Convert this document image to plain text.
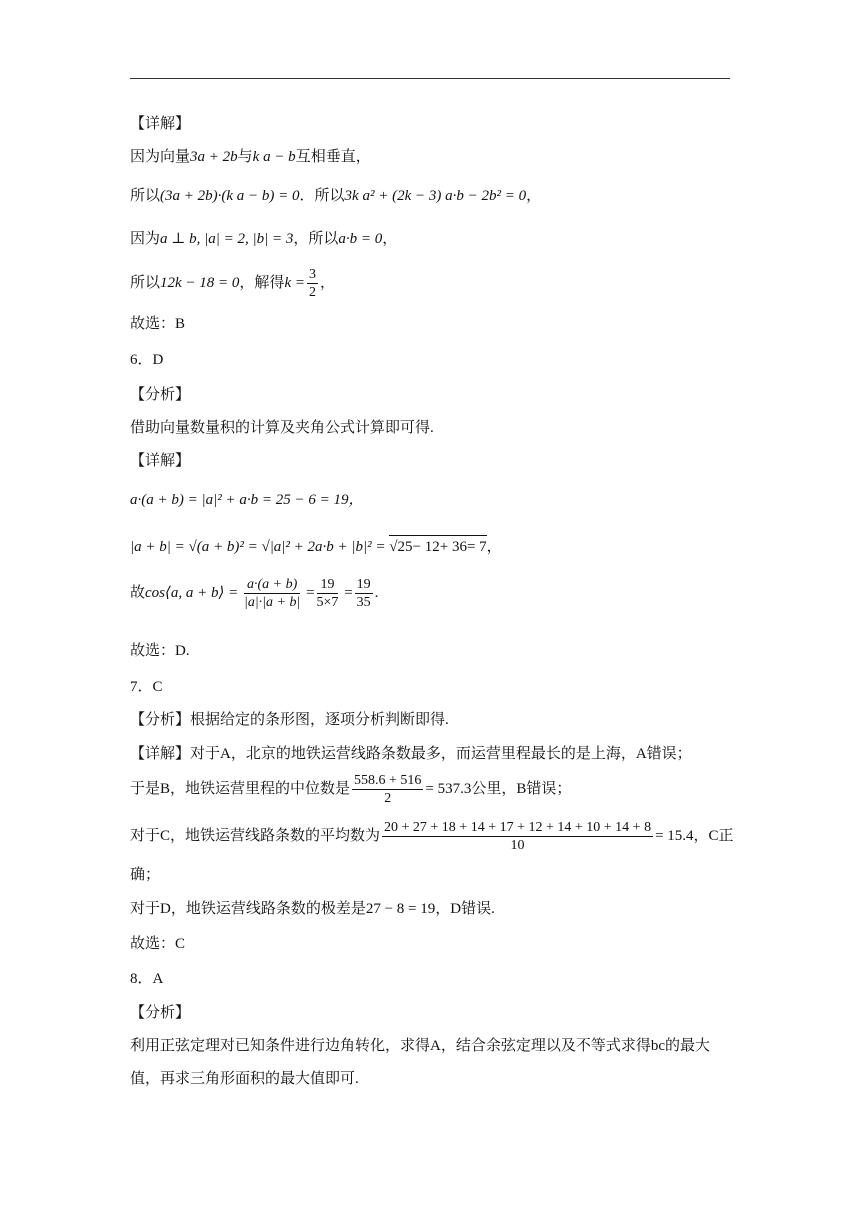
【详解】
因为向量3a + 2b与k a − b互相垂直，
所以(3a + 2b)·(k a − b) = 0．所以3k a² + (2k − 3) a·b − 2b² = 0，
因为a ⊥ b, |a| = 2, |b| = 3，所以a·b = 0，
所以12k − 18 = 0，解得$k = \frac{3}{2}$ ，
故选：B
6．D
【分析】
借助向量数量积的计算及夹角公式计算即可得.
【详解】
a·(a + b) = |a|² + a·b = 25 − 6 = 19，
|a + b| = √(a + b)² = √|a|² + 2a·b + |b|² = √25− 12+ 36= 7，
故cos⟨a, a + b⟩ = $\frac{a\cdot(a + b)}{|a|\cdot|a + b|} = \frac{19}{5\times 7} = \frac{19}{35}$ .
故选：D.
7．C
【分析】根据给定的条形图，逐项分析判断即得.
【详解】对于A，北京的地铁运营线路条数最多，而运营里程最长的是上海，A错误；
于是B，地铁运营里程的中位数是 $\frac{558.6 + 516}{2} = 537.3$公里，B错误；
对于C，地铁运营线路条数的平均数为 $\frac{20 + 27 + 18 + 14 + 17 + 12 + 14 + 10 + 14 + 8}{10} = 15.4$，C正
确；
对于D，地铁运营线路条数的极差是27 − 8 = 19，D错误.
故选：C
8．A
【分析】
利用正弦定理对已知条件进行边角转化，求得A，结合余弦定理以及不等式求得bc的最大值，再求三角形面积的最大值即可.
